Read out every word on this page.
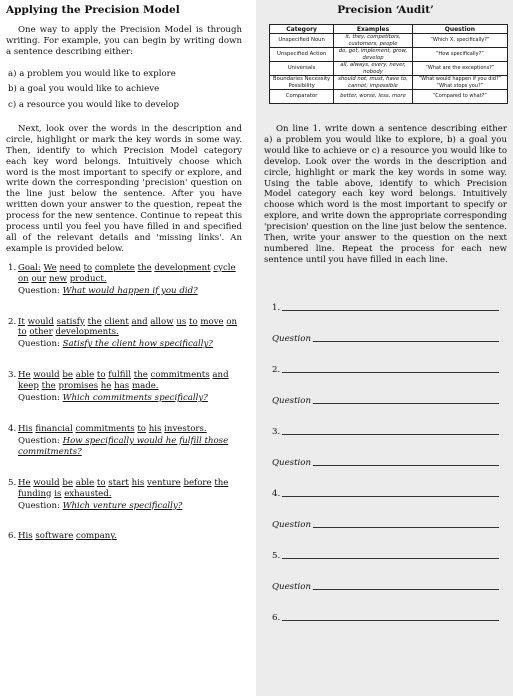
Applying the Precision Model

One way to apply the Precision Model is through writing. For example, you can begin by writing down a sentence describing either:

a) a problem you would like to explore
b) a goal you would like to achieve
c) a resource you would like to develop

Next, look over the words in the description and circle, highlight or mark the key words in some way. Then, identify to which Precision Model category each key word belongs. Intuitively choose which word is the most important to specify or explore, and write down the corresponding 'precision' question on the line just below the sentence. After you have written down your answer to the question, repeat the process for the new sentence. Continue to repeat this process until you feel you have filled in and specified all of the relevant details and 'missing links'. An example is provided below.

1. Goal: We need to complete the development cycle on our new product.
Question: What would happen if you did?
2. It would satisfy the client and allow us to move on to other developments.
Question: Satisfy the client how specifically?
3. He would be able to fulfill the commitments and keep the promises he has made.
Question: Which commitments specifically?
4. His financial commitments to his investors.
Question: How specifically would he fulfill those commitments?
5. He would be able to start his venture before the funding is exhausted.
Question: Which venture specifically?
6. His software company.
Precision ‘Audit’
Category	Examples	Question
Unspecified Noun	it, they, competitors, customers, people	“Which X, specifically?”
Unspecified Action	do, get, implement, grow, develop	“How specifically?”
Universals	all, always, every, never, nobody	“What are the exceptions?”
Boundaries Necessity Possibility	should not, must, have to, cannot, impossible	“What would happen if you did?” “What stops you?”
Comparator	better, worse, less, more	“Compared to what?”

On line 1. write down a sentence describing either a) a problem you would like to explore, b) a goal you would like to achieve or c) a resource you would like to develop. Look over the words in the description and circle, highlight or mark the key words in some way. Using the table above, identify to which Precision Model category each key word belongs. Intuitively choose which word is the most important to specify or explore, and write down the appropriate corresponding 'precision' question on the line just below the sentence. Then, write your answer to the question on the next numbered line. Repeat the process for each new sentence until you have filled in each line.

1.
Question
2.
Question
3.
Question
4.
Question
5.
Question
6.
